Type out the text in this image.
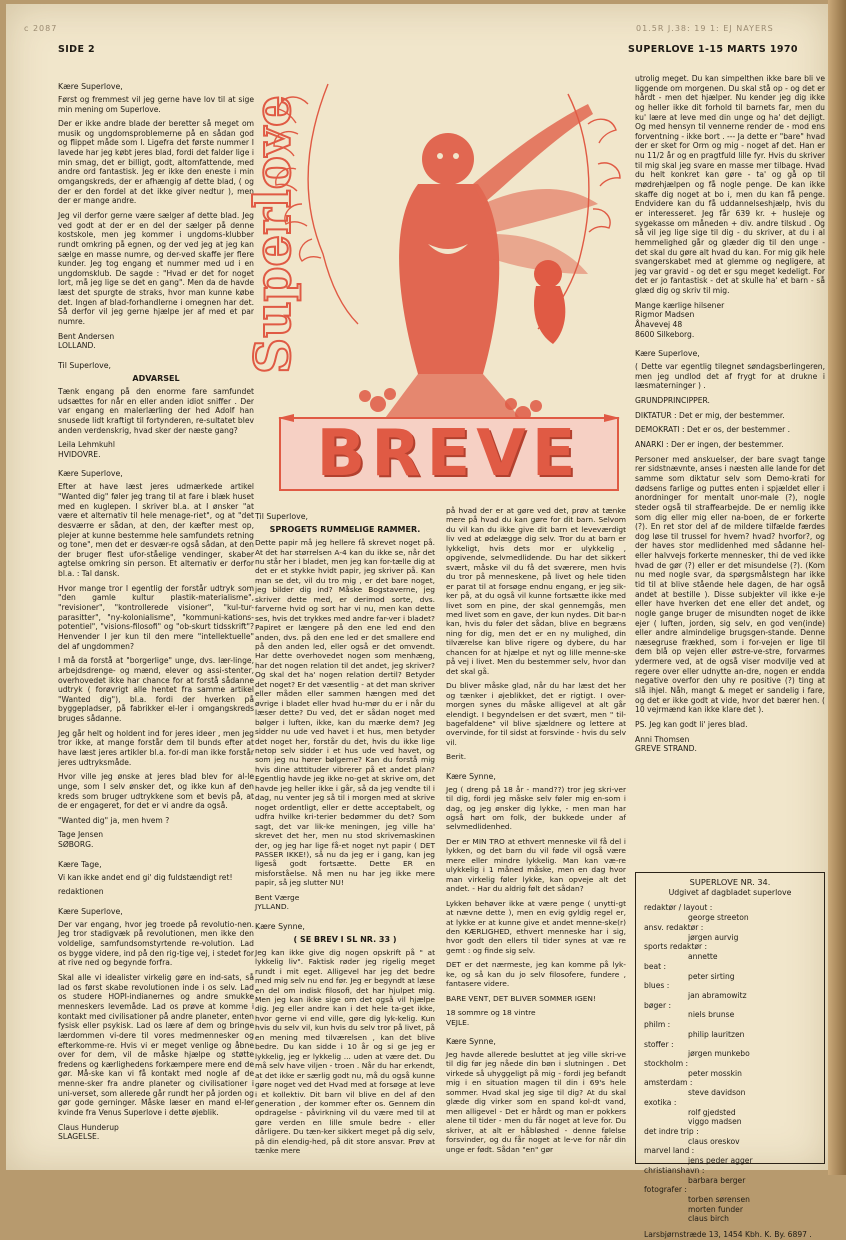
c 2087	01.5R J.38: 19 1: EJ NAYERS
SIDE 2	SUPERLOVE 1-15 MARTS 1970
Kære Superlove,

Først og fremmest vil jeg gerne have lov til at sige min mening om Superlove.

Der er ikke andre blade der beretter så meget om musik og ungdomsproblemerne på en sådan god og flippet måde som I. Ligefra det første nummer I lavede har jeg købt jeres blad, fordi det falder lige i min smag, det er billigt, godt, altomfattende, med andre ord fantastisk. Jeg er ikke den eneste i min omgangskreds, der er afhængig af dette blad, ( og der er den fordel at det ikke giver nedtur ), men der er mange andre.

Jeg vil derfor gerne være sælger af dette blad. Jeg ved godt at der er en del der sælger på denne kostskole, men jeg kommer i ungdoms-klubber rundt omkring på egnen, og der ved jeg at jeg kan sælge en masse numre, og der-ved skaffe jer flere kunder. Jeg tog engang et nummer med ud i en ungdomsklub. De sagde : "Hvad er det for noget lort, må jeg lige se det en gang". Men da de havde læst det spurgte de straks, hvor man kunne købe det. Ingen af blad-forhandlerne i omegnen har det. Så derfor vil jeg gerne hjælpe jer af med et par numre.

Bent Andersen
LOLLAND.
Til Superlove,
ADVARSEL

Tænk engang på den enorme fare samfundet udsættes for når en eller anden idiot sniffer . Der var engang en malerlærling der hed Adolf han snusede lidt kraftigt til fortynderen, re-sultatet blev anden verdenskrig, hvad sker der næste gang?

Leila Lehmkuhl
HVIDOVRE.
Kære Superlove,

Efter at have læst jeres udmærkede artikel "Wanted dig" føler jeg trang til at fare i blæk huset med en kuglepen. I skriver bl.a. at I ønsker "at være et alternativ til hele menage-riet", og at "det desværre er sådan, at den, der kæfter mest op, plejer at kunne bestemme hele samfundets retning og tone", men det er desvær-re også sådan, at den der bruger flest ufor-ståelige vendinger, skaber agtelse omkring sin person. Et alternativ er derfor bl.a. : Tal dansk.

Hvor mange tror I egentlig der forstår udtryk som "den gamle kultur plastik-materialisme", "revisioner", "kontrollerede visioner", "kul-tur-parasitter", "ny-kolonialisme", "kommuni-kations-potentiel", "visions-filosofi" og "ob-skurt tidsskrift"? Henvender I jer kun til den mere "intellektuelle" del af ungdommen?

I må da forstå at "borgerlige" unge, dvs. lær-linge, arbejdsdrenge- og mænd, elever og assi-stenter, overhovedet ikke har chance for at forstå sådanne udtryk ( forøvrigt alle hentet fra samme artikel "Wanted dig"), bl.a. fordi der hverken på byggepladser, på fabrikker el-ler i omgangskreds bruges sådanne.

Jeg går helt og holdent ind for jeres ideer , men jeg tror ikke, at mange forstår dem til bunds efter at have læst jeres artikler bl.a. for-di man ikke forstår jeres udtryksmåde.

Hvor ville jeg ønske at jeres blad blev for al-le unge, som I selv ønsker det, og ikke kun af den kreds som bruger udtrykkene som et bevis på, at de er engageret, for det er vi andre da også.

"Wanted dig" ja, men hvem ?

Tage Jensen
SØBORG.
Kære Tage,

Vi kan ikke andet end gi' dig fuldstændigt ret!

redaktionen
Kære Superlove,

Der var engang, hvor jeg troede på revolutio-nen. Jeg tror stadigvæk på revolutionen, men ikke den voldelige, samfundsomstyrtende re-volution. Lad os bygge videre, ind på den rig-tige vej, i stedet for at rive ned og begynde forfra.

Skal alle vi idealister virkelig gøre en ind-sats, så lad os først skabe revolutionen inde i os selv. Lad os studere HOPI-indianernes og andre smukke menneskers levemåde. Lad os prøve at komme i kontakt med civilisationer på andre planeter, enten fysisk eller psykisk. Lad os lære af dem og bringe lærdommen vi-dere til vores medmennesker og efterkomme-re. Hvis vi er meget venlige og åbne over for dem, vil de måske hjælpe og støtte fredens og kærlighedens forkæmpere mere end de gør. Må-ske kan vi få kontakt med nogle af de menne-sker fra andre planeter og civilisationer i uni-verset, som allerede går rundt her på jorden og gør gode gerninger. Måske læser en mand el-ler kvinde fra Venus Superlove i dette øjeblik.

Claus Hunderup
SLAGELSE.
Superlove
BREVE
Til Superlove,
SPROGETS RUMMELIGE RAMMER.

Dette papir må jeg hellere få skrevet noget på. At det har størrelsen A-4 kan du ikke se, når det nu står her i bladet, men jeg kan for-tælle dig at det er et stykke hvidt papir, jeg skriver på. Kan man se det, vil du tro mig , er det bare noget, jeg bilder dig ind? Måske Bogstaverne, jeg skriver dette med, er derimod sorte, dvs. farverne hvid og sort har vi nu, men kan dette ses, hvis det trykkes med andre far-ver i bladet? Papiret er længere på den ene led end den anden, dvs. på den ene led er det smallere end på den anden led, eller også er det omvendt. Har dette overhovedet nogen som menhæng, har det nogen relation til det andet, jeg skriver? Og skal det ha' nogen relation dertil? Betyder det noget? Er det væsentlig - at det man skriver eller måden eller sammen hængen med det øvrige i bladet eller hvad hu-mør du er i når du læser dette? Du ved, det er sådan noget med bølger i luften, ikke, kan du mærke dem? Jeg sidder nu ude ved havet i et hus, men betyder det noget her, forstår du det, hvis du ikke lige netop selv sidder i et hus ude ved havet, og som jeg nu hører bølgerne? Kan du forstå mig hvis dine atttituder vibrerer på et andet plan? Egentlig havde jeg ikke no-get at skrive om, det havde jeg heller ikke i går, så da jeg vendte til i dag, nu venter jeg så til i morgen med at skrive noget ordentligt, eller er dette acceptabelt, og udfra hvilke kri-terier bedømmer du det? Som sagt, det var lik-ke meningen, jeg ville ha' skrevet det her, men nu stod skrivemaskinen der, og jeg har lige få-et noget nyt papir ( DET PASSER IKKE!), så nu da jeg er i gang, kan jeg ligeså godt fortsætte. Dette ER en misforståelse. Nå men nu har jeg ikke mere papir, så jeg slutter NU!

Bent Værge
JYLLAND.
Kære Synne,
( SE BREV I SL NR. 33 )

Jeg kan ikke give dig nogen opskrift på " at lykkelig liv". Faktisk røder jeg rigelig meget rundt i mit eget. Alligevel har jeg det bedre med mig selv nu end før. Jeg er begyndt at læse en del om indisk filosofi, det har hjulpet mig. Men jeg kan ikke sige om det også vil hjælpe dig. Jeg eller andre kan i det hele ta-get ikke, hvor gerne vi end ville, gøre dig lyk-kelig. Kun hvis du selv vil, kun hvis du selv tror på livet, på en mening med tilværelsen , kan det blive bedre. Du kan sidde i 10 år og si ge jeg er lykkelig, jeg er lykkelig ... uden at være det. Du må selv have viljen - troen . Når du har erkendt, at det ikke er særlig godt nu, må du også kunne gøre noget ved det Hvad med at forsøge at leve i et kollektiv. Dit barn vil blive en del af den generation , der kommer efter os. Gennem din opdragelse - påvirkning vil du være med til at gøre verden en lille smule bedre - eller dårligere. Du tæn-ker sikkert meget på dig selv, på din elendig-hed, på dit store ansvar. Prøv at tænke mere

på hvad der er at gøre ved det, prøv at tænke mere på hvad du kan gøre for dit barn. Selvom du vil kan du ikke give dit barn et leveværdigt liv ved at ødelægge dig selv. Tror du at barn er lykkeligt, hvis dets mor er ulykkelig , opgivende, selvmedlidende. Du har det sikkert svært, måske vil du få det sværere, men hvis du tror på menneskene, på livet og hele tiden er parat til at forsøge endnu engang, er jeg sik-ker på, at du også vil kunne fortsætte ikke med livet som en pine, der skal gennemgås, men med livet som en gave, der kun nydes. Dit bar-n kan, hvis du føler det sådan, blive en begræns ning for dig, men det er en ny mulighed, din tilværelse kan blive rigere og dybere, du har chancen for at hjælpe et nyt og lille menne-ske på vej i livet. Men du bestemmer selv, hvor dan det skal gå.

Du bliver måske glad, når du har læst det her og tænker i øjeblikket, det er rigtigt. I over-morgen synes du måske alligevel at alt går elendigt. I begyndelsen er det svært, men " til-bagefaldene" vil blive sjældnere og lettere at overvinde, for til sidst at forsvinde - hvis du selv vil.

Berit.
Kære Synne,

Jeg ( dreng på 18 år - mand??) tror jeg skri-ver til dig, fordi jeg måske selv føler mig en-som i dag, og jeg ønsker dig lykke, - men man har også hørt om folk, der bukkede under af selvmedlidenhed.

Der er MIN TRO at ethvert menneske vil få del i lykken, og det barn du vil føde vil også være mere eller mindre lykkelig. Man kan væ-re ulykkelig i 1 måned måske, men en dag hvor man virkelig føler lykke, kan opveje alt det andet. - Har du aldrig følt det sådan?

Lykken behøver ikke at være penge ( unytti-gt at nævne dette ), men en evig gyldig regel er, at lykke er at kunne give et andet menne-ske(r) den KÆRLIGHED, ethvert menneske har i sig, hvor godt den ellers til tider synes at væ re gemt : og finde sig selv.

DET er det nærmeste, jeg kan komme på lyk-ke, og så kan du jo selv filosofere, fundere , fantasere videre.

BARE VENT, DET BLIVER SOMMER IGEN!

18 sommre og 18 vintre
VEJLE.
Kære Synne,

Jeg havde allerede besluttet at jeg ville skri-ve til dig før jeg nåede din bøn i slutningen . Det virkede så uhyggeligt på mig - fordi jeg befandt mig i en situation magen til din i 69's hele sommer. Hvad skal jeg sige til dig? At du skal glæde dig virker som en spand kol-dt vand, men alligevel - Det er hårdt og man er pokkers alene til tider - men du får noget at leve for. Du skriver, at alt er håbløshed - denne følelse forsvinder, og du får noget at le-ve for når din unge er født. Sådan "en" gør

utrolig meget. Du kan simpelthen ikke bare bli ve liggende om morgenen. Du skal stå op - og det er hårdt - men det hjælper. Nu kender jeg dig ikke og heller ikke dit forhold til barnets far, men du ku' lære at leve med din unge og ha' det dejligt. Og med hensyn til vennerne render de - mod ens forventning - ikke bort . --- Ja dette er "bare" hvad der er sket for Orm og mig - noget af det. Han er nu 11/2 år og en pragtfuld lille fyr. Hvis du skriver til mig skal jeg svare en masse mer tilbage. Hvad du helt konkret kan gøre - ta' og gå op til mødrehjælpen og få nogle penge. De kan ikke skaffe dig noget at bo i, men du kan få penge. Endvidere kan du få uddannelseshjælp, hvis du er interesseret. Jeg får 639 kr. + husleje og sygekasse om måneden + div. andre tilskud . Og så vil jeg lige sige til dig - du skriver, at du i al hemmelighed går og glæder dig til den unge - det skal du gøre alt hvad du kan. For mig gik hele svangerskabet med at glemme og negligere, at jeg var gravid - og det er sgu meget kedeligt. For det er jo fantastisk - det at skulle ha' et barn - så glæd dig og skriv til mig.

Mange kærlige hilsener
Rigmor Madsen
Åhavevej 48
8600 Silkeborg.
Kære Superlove,

( Dette var egentlig tilegnet søndagsberlingeren, men jeg undlod det af frygt for at drukne i læsmaterninger ) .

GRUNDPRINCIPPER.

DIKTATUR : Det er mig, der bestemmer.

DEMOKRATI : Det er os, der bestemmer .

ANARKI : Der er ingen, der bestemmer.

Personer med anskuelser, der bare svagt tange rer sidstnævnte, anses i næsten alle lande for det samme som diktatur selv som Demo-krati for dødsens farlige og puttes enten i spjældet eller i anordninger for mentalt unor-male (?), nogle steder også til straffearbejde. De er nemlig ikke som dig eller mig eller na-boen, de er forkerte (?). En ret stor del af de mildere tilfælde færdes dog løse til trussel for hvem? hvad? hvorfor?, og der haves stor medlidenhed med sådanne hel-eller halvvejs forkerte mennesker, thi de ved ikke hvad de gør (?) eller er det misundelse (?). (Kom nu med nogle svar, da spørgsmålstegn har ikke tid til at blive stående hele dagen, de har også andet at bestille ). Disse subjekter vil ikke e-je eller have hverken det ene eller det andet, og nogle gange bruger de misundten noget de ikke ejer ( luften, jorden, sig selv, en god ven(inde) eller andre almindelige brugsgen-stande. Denne næsegruse frækhed, som i for-vejen er lige til dem blå op vejen eller østre-ve-stre, forvarmes ydermere ved, at de også viser modvilje ved at regere over eller udnytte an-dre, nogen er endda negative overfor den uhy re positive (?) ting at slå ihjel. Nåh, mangt & meget er sandelig i fare, og det er ikke godt at vide, hvor det bærer hen. ( 10 vejrmænd kan ikke klare det ).

PS. Jeg kan godt li' jeres blad.

Anni Thomsen
GREVE STRAND.
SUPERLOVE NR. 34.
Udgivet af dagbladet superlove
redaktør / layout :
george streeton
ansv. redaktør :
jørgen aurvig
sports redaktør :
annette
beat :
peter sirting
blues :
jan abramowitz
bøger :
niels brunse
philm :
philip lauritzen
stoffer :
jørgen munkebo
stockholm :
peter mosskin
amsterdam :
steve davidson
exotika :
rolf gjedsted
viggo madsen
det indre trip :
claus oreskov
marvel land :
jens peder agger
christianshavn :
barbara berger
fotografer :
torben sørensen
morten funder
claus birch
Larsbjørnstræde 13, 1454 Kbh. K. By. 6897 .
